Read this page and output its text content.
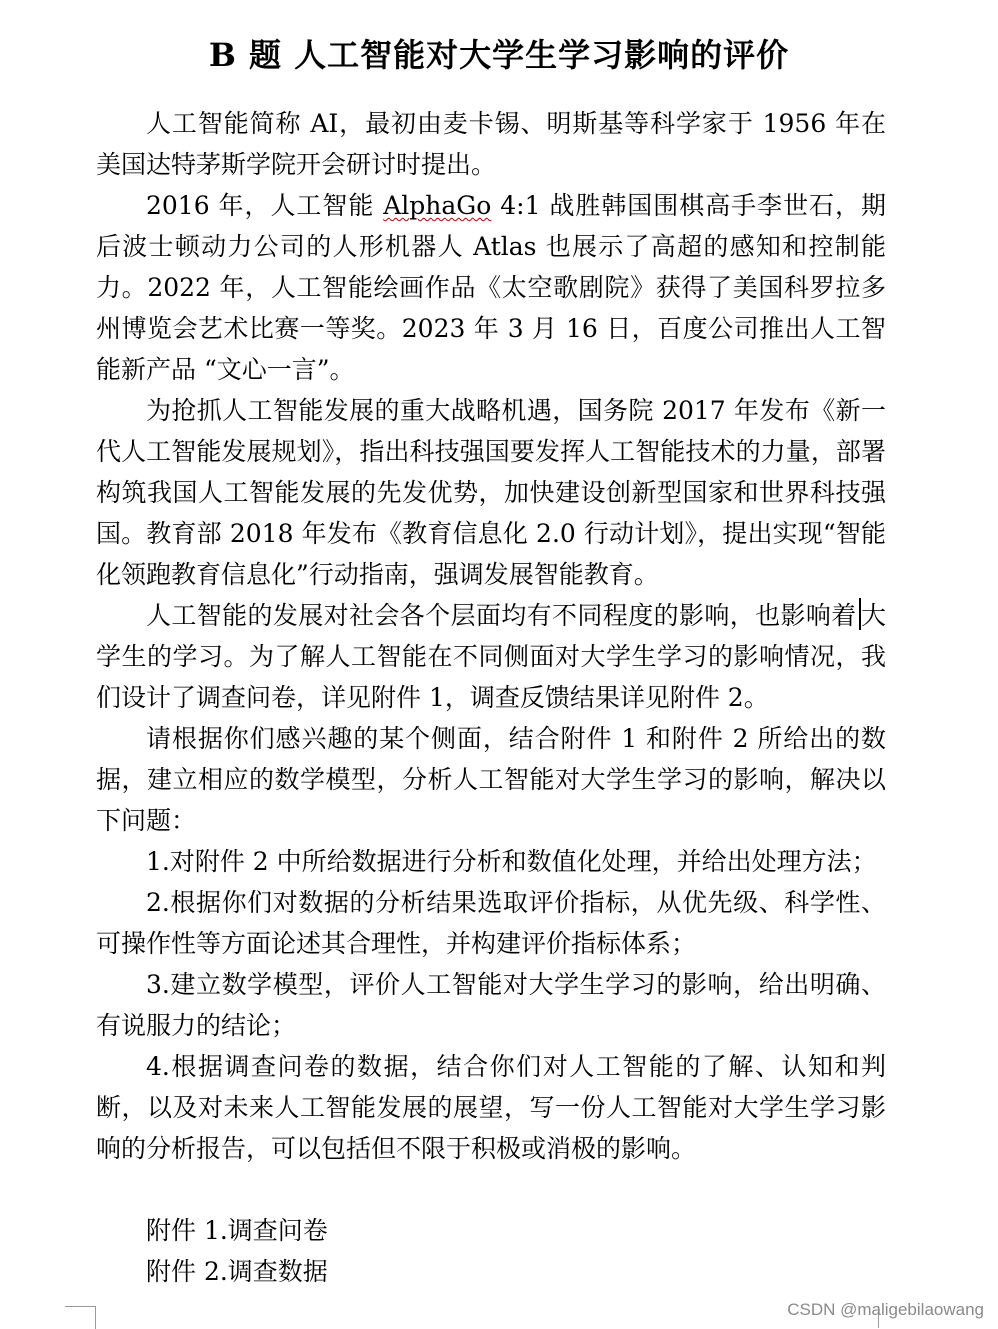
B 题 人工智能对大学生学习影响的评价

人工智能简称 AI，最初由麦卡锡、明斯基等科学家于 1956 年在美国达特茅斯学院开会研讨时提出。

2016 年，人工智能 AlphaGo 4:1 战胜韩国围棋高手李世石，期后波士顿动力公司的人形机器人 Atlas 也展示了高超的感知和控制能力。2022 年，人工智能绘画作品《太空歌剧院》获得了美国科罗拉多州博览会艺术比赛一等奖。2023 年 3 月 16 日，百度公司推出人工智能新产品 “文心一言”。

为抢抓人工智能发展的重大战略机遇，国务院 2017 年发布《新一代人工智能发展规划》，指出科技强国要发挥人工智能技术的力量，部署构筑我国人工智能发展的先发优势，加快建设创新型国家和世界科技强国。教育部 2018 年发布《教育信息化 2.0 行动计划》，提出实现“智能化领跑教育信息化”行动指南，强调发展智能教育。

人工智能的发展对社会各个层面均有不同程度的影响，也影响着 大学生的学习。为了解人工智能在不同侧面对大学生学习的影响情况，我们设计了调查问卷，详见附件 1，调查反馈结果详见附件 2。

请根据你们感兴趣的某个侧面，结合附件 1 和附件 2 所给出的数据，建立相应的数学模型，分析人工智能对大学生学习的影响，解决以下问题：

1.对附件 2 中所给数据进行分析和数值化处理，并给出处理方法；

2.根据你们对数据的分析结果选取评价指标，从优先级、科学性、可操作性等方面论述其合理性，并构建评价指标体系；

3.建立数学模型，评价人工智能对大学生学习的影响，给出明确、有说服力的结论；

4.根据调查问卷的数据，结合你们对人工智能的了解、认知和判断，以及对未来人工智能发展的展望，写一份人工智能对大学生学习影响的分析报告，可以包括但不限于积极或消极的影响。

附件 1.调查问卷

附件 2.调查数据

CSDN @maligebilaowang
